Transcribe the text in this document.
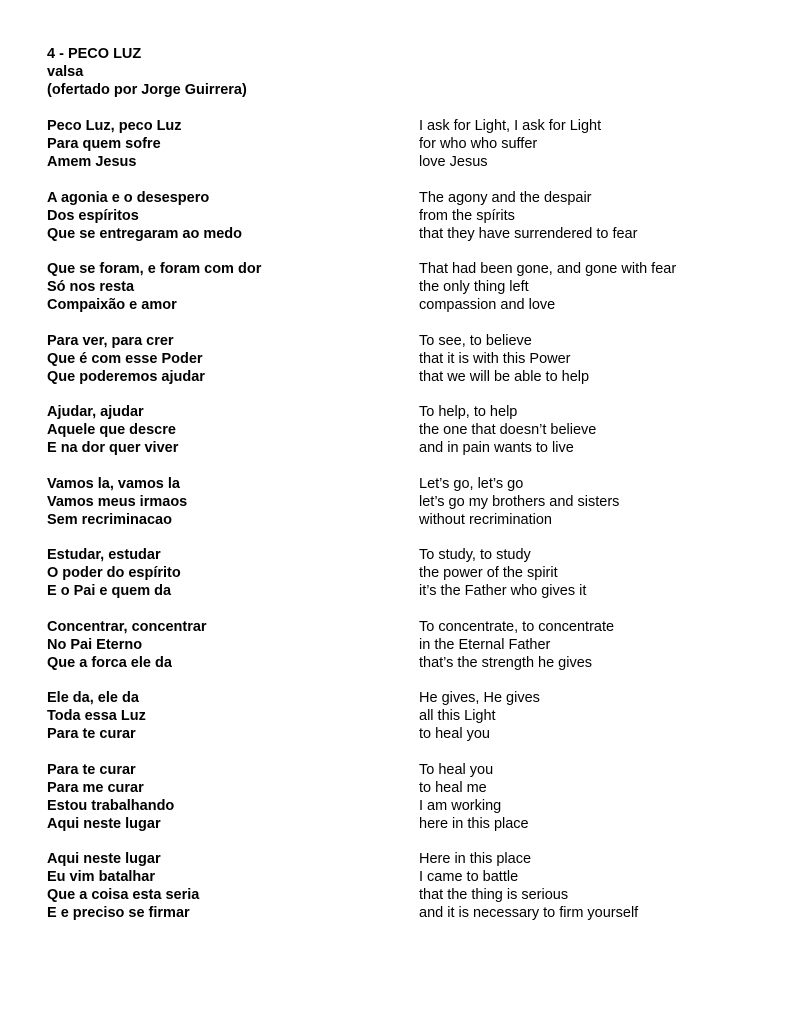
4 - PECO LUZ
valsa
(ofertado por Jorge Guirrera)
Peco Luz, peco Luz
Para quem sofre
Amem Jesus
I ask for Light, I ask for Light
for who who suffer
love Jesus
A agonia e o desespero
Dos espíritos
Que se entregaram ao medo
The agony and the despair
from the spírits
that they have surrendered to fear
Que se foram, e foram com dor
Só nos resta
Compaixão e amor
That had been gone, and gone with fear
the only thing left
compassion and love
Para ver, para crer
Que é com esse Poder
Que poderemos ajudar
To see, to believe
that it is with this Power
that we will be able to help
Ajudar, ajudar
Aquele que descre
E na dor quer viver
To help, to help
the one that doesn’t believe
and in pain wants to live
Vamos la, vamos la
Vamos meus irmaos
Sem recriminacao
Let’s go, let’s go
let’s go my brothers and sisters
without recrimination
Estudar, estudar
O poder do espírito
E o Pai e quem da
To study, to study
the power of the spirit
it’s the Father who gives it
Concentrar, concentrar
No Pai Eterno
Que a forca ele da
To concentrate, to concentrate
in the Eternal Father
that’s the strength he gives
Ele da, ele da
Toda essa Luz
Para te curar
He gives, He gives
all this Light
to heal you
Para te curar
Para me curar
Estou trabalhando
Aqui neste lugar
To heal you
to heal me
I am working
here in this place
Aqui neste lugar
Eu vim batalhar
Que a coisa esta seria
E e preciso se firmar
Here in this place
I came to battle
that the thing is serious
and it is necessary to firm yourself
